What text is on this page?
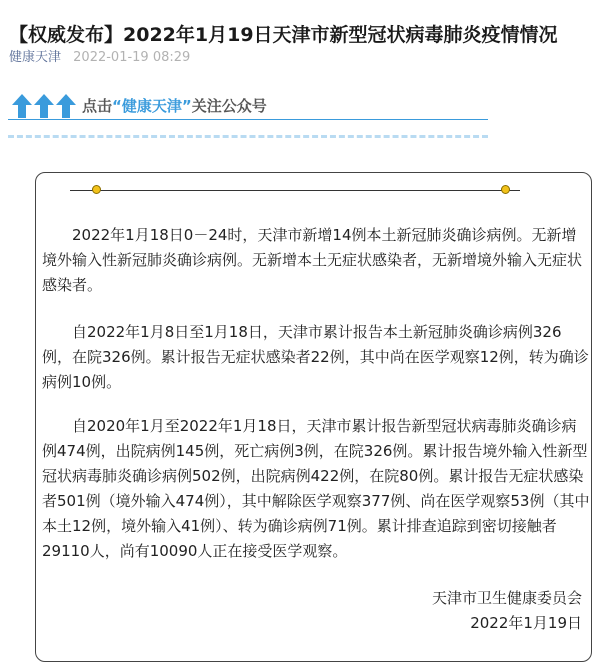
【权威发布】2022年1月19日天津市新型冠状病毒肺炎疫情情况
健康天津 2022-01-19 08:29
点击“健康天津”关注公众号

2022年1月18日0－24时，天津市新增14例本土新冠肺炎确诊病例。无新增境外输入性新冠肺炎确诊病例。无新增本土无症状感染者，无新增境外输入无症状感染者。

自2022年1月8日至1月18日，天津市累计报告本土新冠肺炎确诊病例326例，在院326例。累计报告无症状感染者22例，其中尚在医学观察12例，转为确诊病例10例。

自2020年1月至2022年1月18日，天津市累计报告新型冠状病毒肺炎确诊病例474例，出院病例145例，死亡病例3例，在院326例。累计报告境外输入性新型冠状病毒肺炎确诊病例502例，出院病例422例，在院80例。累计报告无症状感染者501例（境外输入474例），其中解除医学观察377例、尚在医学观察53例（其中本土12例，境外输入41例）、转为确诊病例71例。累计排查追踪到密切接触者29110人，尚有10090人正在接受医学观察。

天津市卫生健康委员会
2022年1月19日
